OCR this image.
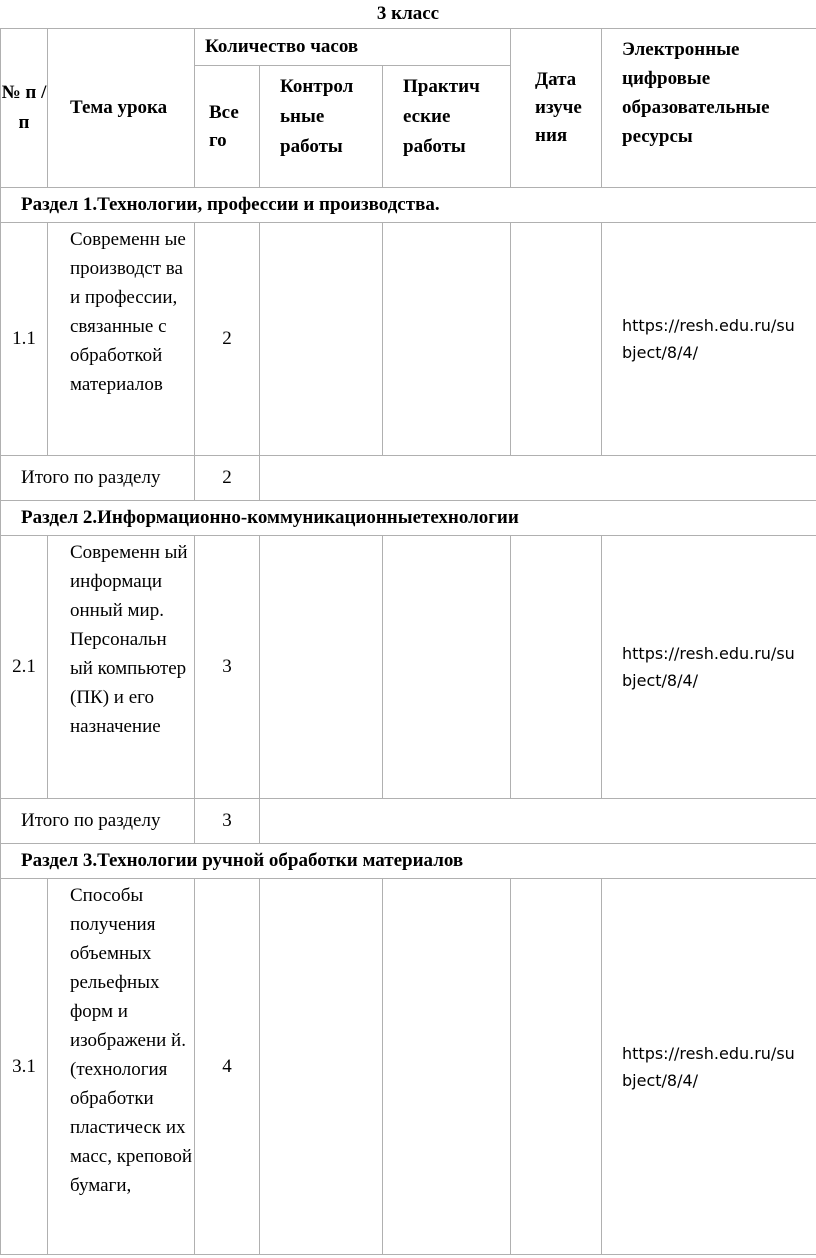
3 класс
№ п / п	Тема урока	Количество часов			Дата изуче ния	Электронные цифровые образовательные ресурсы
		Все го	Контрол ьные работы	Практич еские работы		
Раздел 1.Технологии, профессии и производства.						
1.1	Современн ые производст ва и профессии, связанные с обработкой материалов	2				https://resh.edu.ru/su bject/8/4/
Итого по разделу		2				
Раздел 2.Информационно-коммуникационныетехнологии						
2.1	Современн ый информаци онный мир. Персональн ый компьютер (ПК) и его назначение	3				https://resh.edu.ru/su bject/8/4/
Итого по разделу		3				
Раздел 3.Технологии ручной обработки материалов						
3.1	Способы получения объемных рельефных форм и изображени й. (технология обработки пластическ их масс, креповой бумаги,	4				https://resh.edu.ru/su bject/8/4/
